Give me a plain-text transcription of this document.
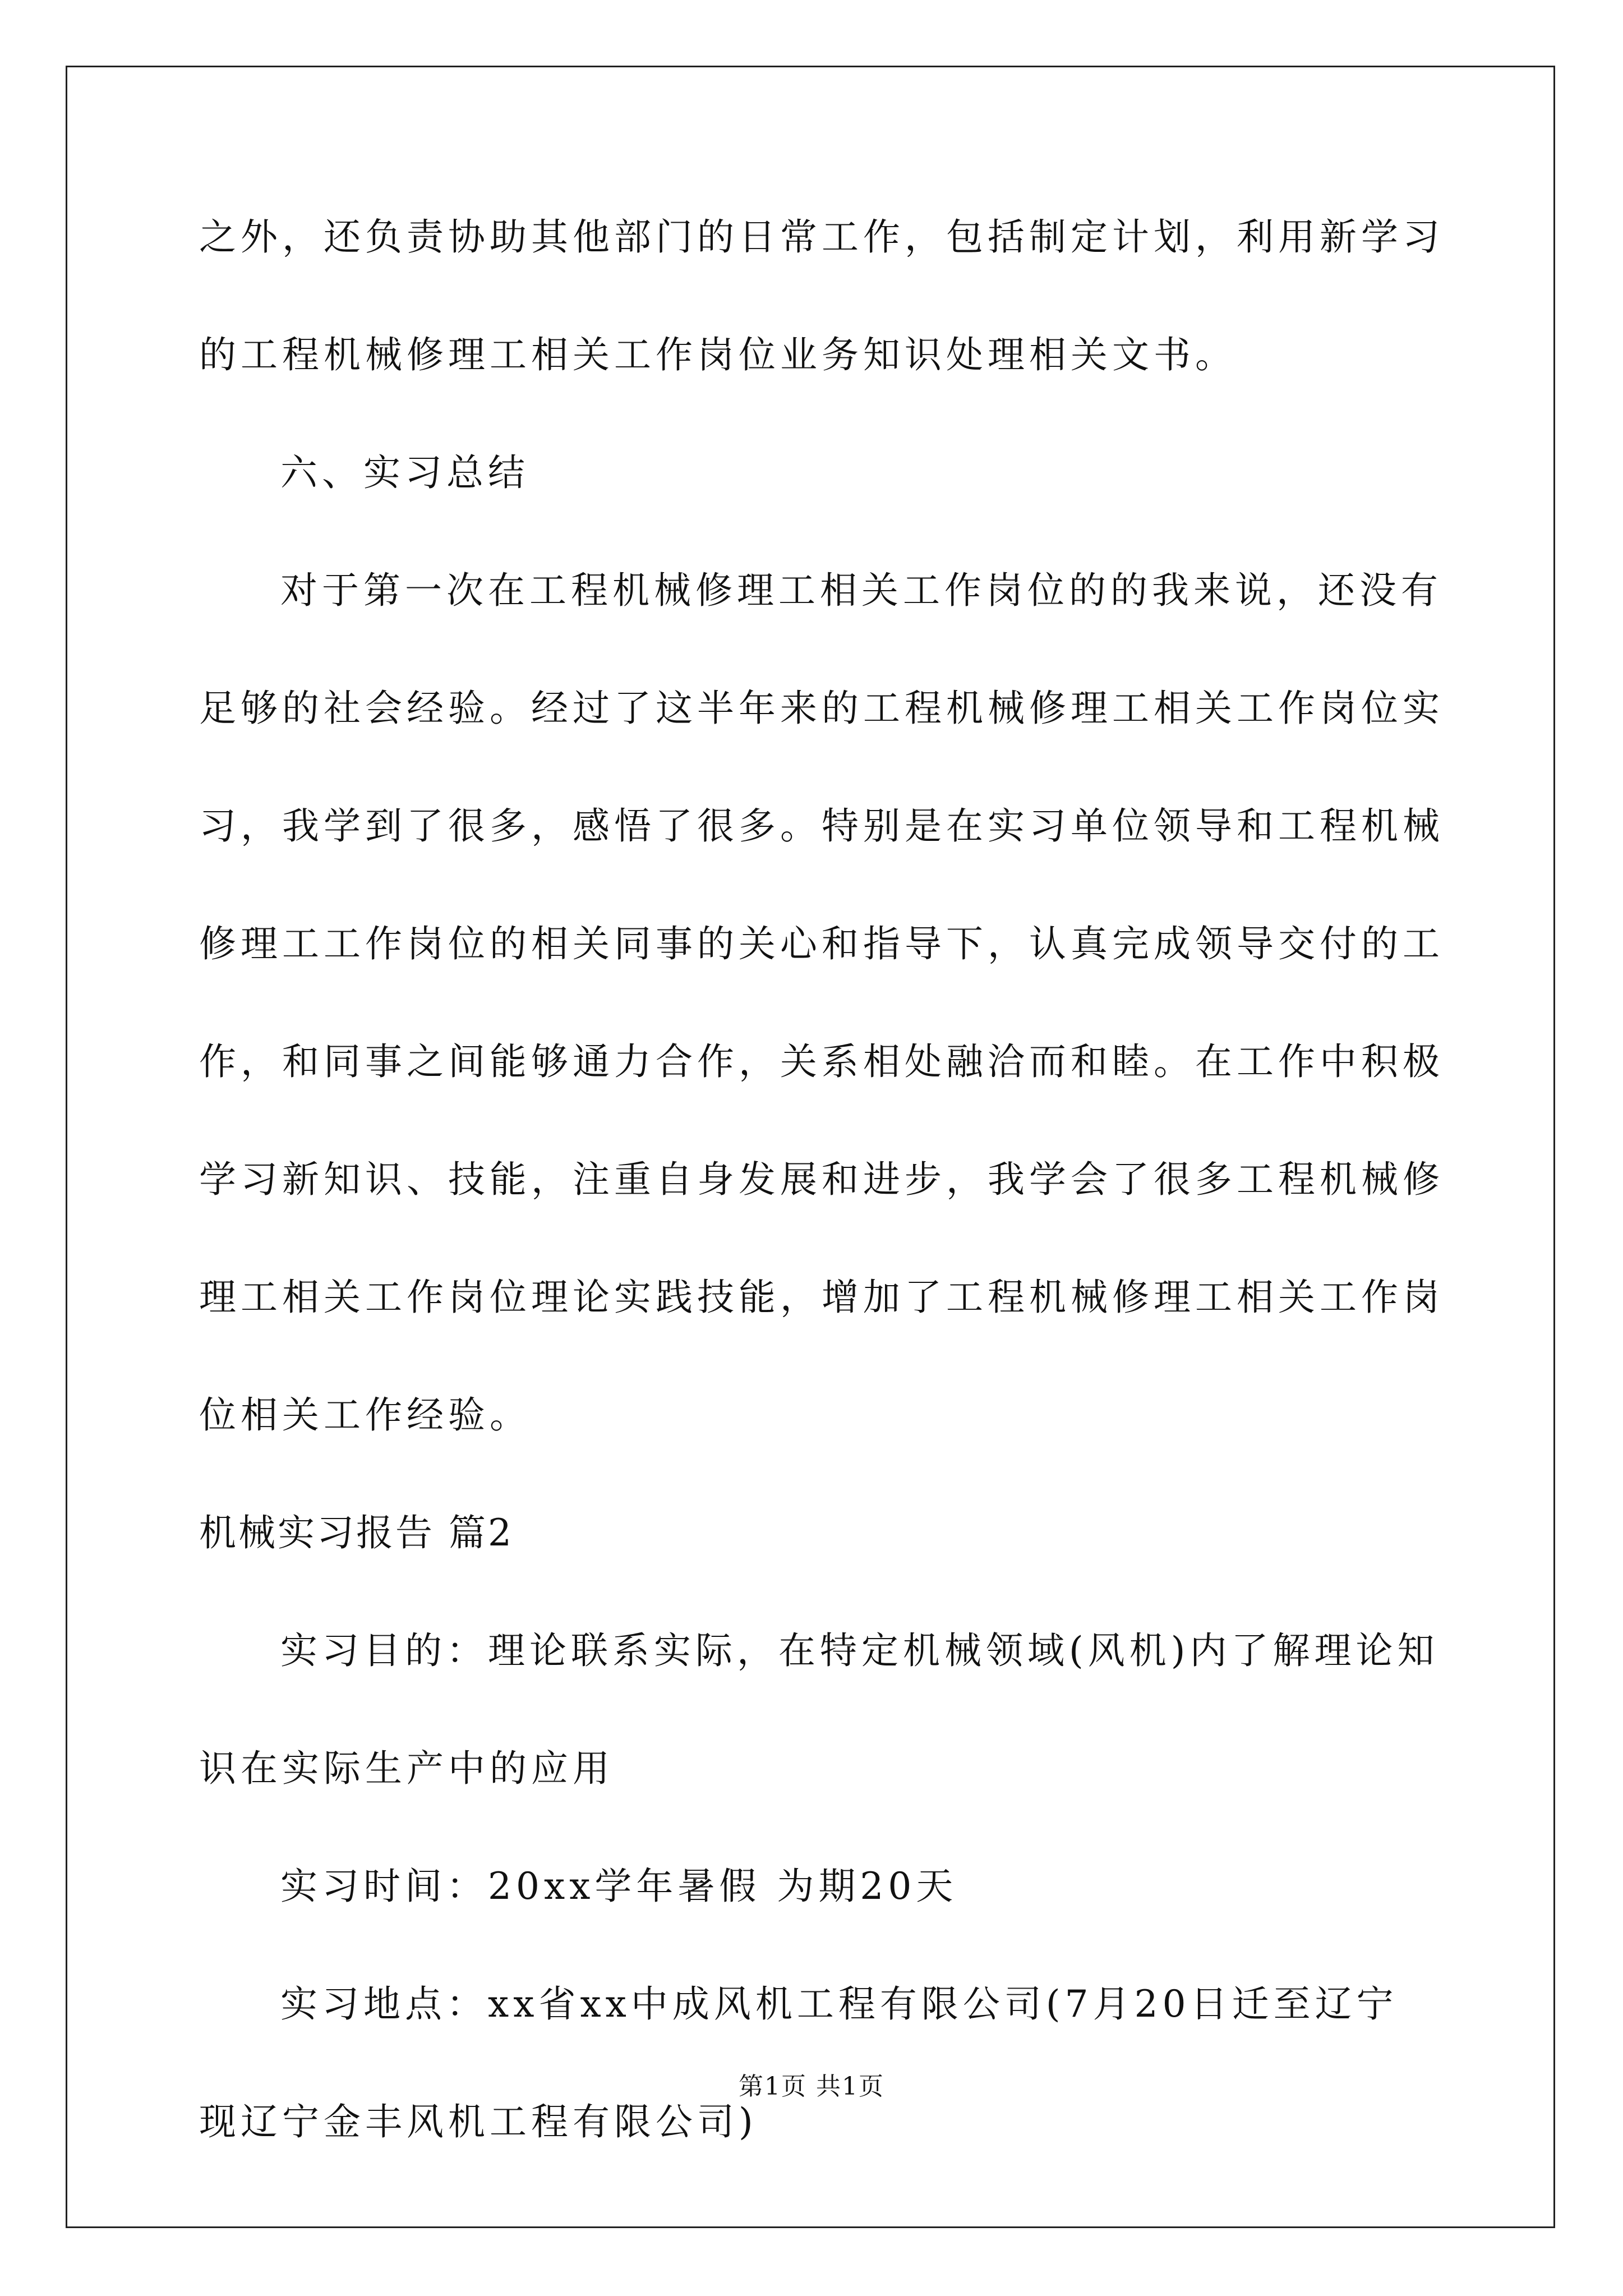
之外，还负责协助其他部门的日常工作，包括制定计划，利用新学习
的工程机械修理工相关工作岗位业务知识处理相关文书。
六、实习总结
对于第一次在工程机械修理工相关工作岗位的的我来说，还没有
足够的社会经验。经过了这半年来的工程机械修理工相关工作岗位实
习，我学到了很多，感悟了很多。特别是在实习单位领导和工程机械
修理工工作岗位的相关同事的关心和指导下，认真完成领导交付的工
作，和同事之间能够通力合作，关系相处融洽而和睦。在工作中积极
学习新知识、技能，注重自身发展和进步，我学会了很多工程机械修
理工相关工作岗位理论实践技能，增加了工程机械修理工相关工作岗
位相关工作经验。
机械实习报告 篇2
实习目的：理论联系实际，在特定机械领域(风机)内了解理论知
识在实际生产中的应用
实习时间：20xx学年暑假 为期20天
实习地点：xx省xx中成风机工程有限公司(7月20日迁至辽宁
现辽宁金丰风机工程有限公司)
第1页 共1页
